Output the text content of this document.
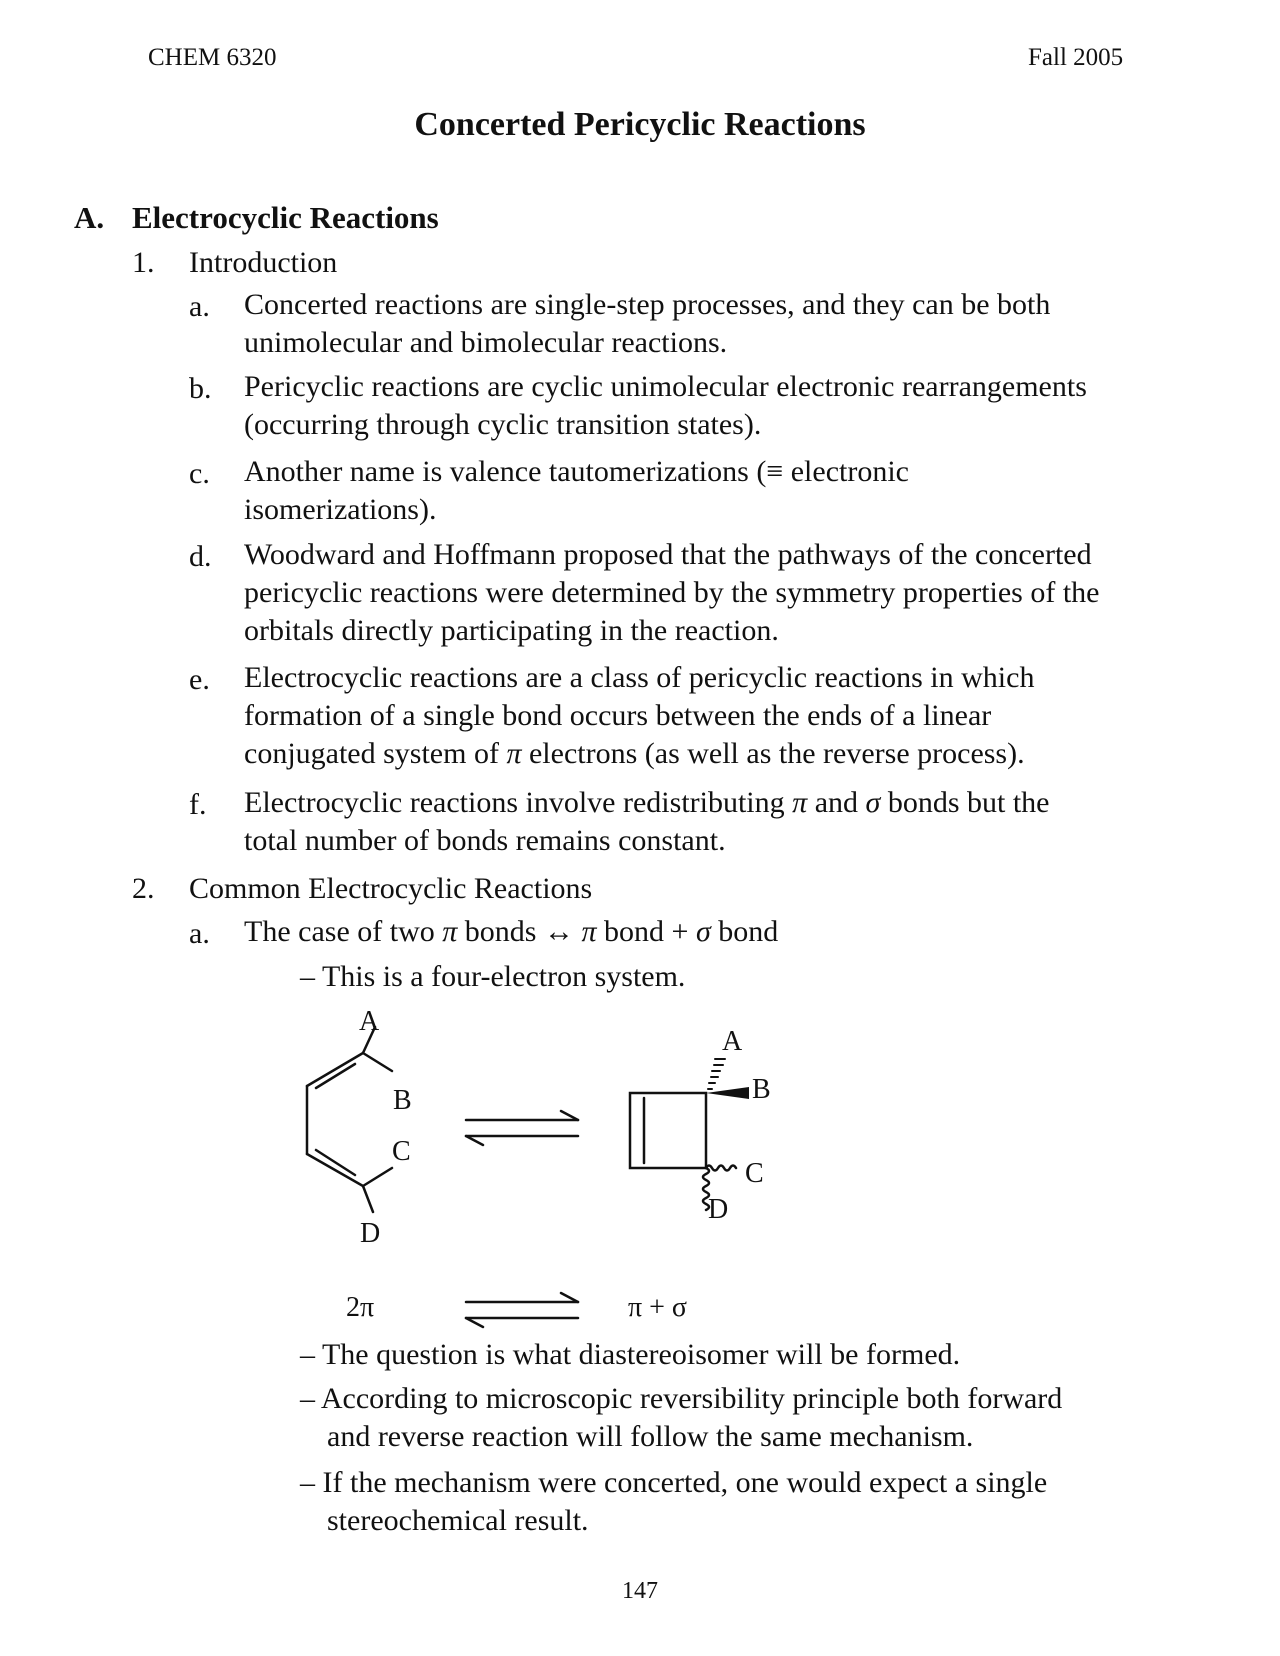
CHEM 6320	Fall 2005
Concerted Pericyclic Reactions
A. Electrocyclic Reactions
1. Introduction
a. Concerted reactions are single-step processes, and they can be both
unimolecular and bimolecular reactions.
b. Pericyclic reactions are cyclic unimolecular electronic rearrangements
(occurring through cyclic transition states).
c. Another name is valence tautomerizations (≡ electronic
isomerizations).
d. Woodward and Hoffmann proposed that the pathways of the concerted
pericyclic reactions were determined by the symmetry properties of the
orbitals directly participating in the reaction.
e. Electrocyclic reactions are a class of pericyclic reactions in which
formation of a single bond occurs between the ends of a linear
conjugated system of π electrons (as well as the reverse process).
f. Electrocyclic reactions involve redistributing π and σ bonds but the
total number of bonds remains constant.
2. Common Electrocyclic Reactions
a. The case of two π bonds ↔ π bond + σ bond
– This is a four-electron system.
A
B
C
D
A
B
C
D
2π	π + σ
– The question is what diastereoisomer will be formed.
– According to microscopic reversibility principle both forward
and reverse reaction will follow the same mechanism.
– If the mechanism were concerted, one would expect a single
stereochemical result.
147
